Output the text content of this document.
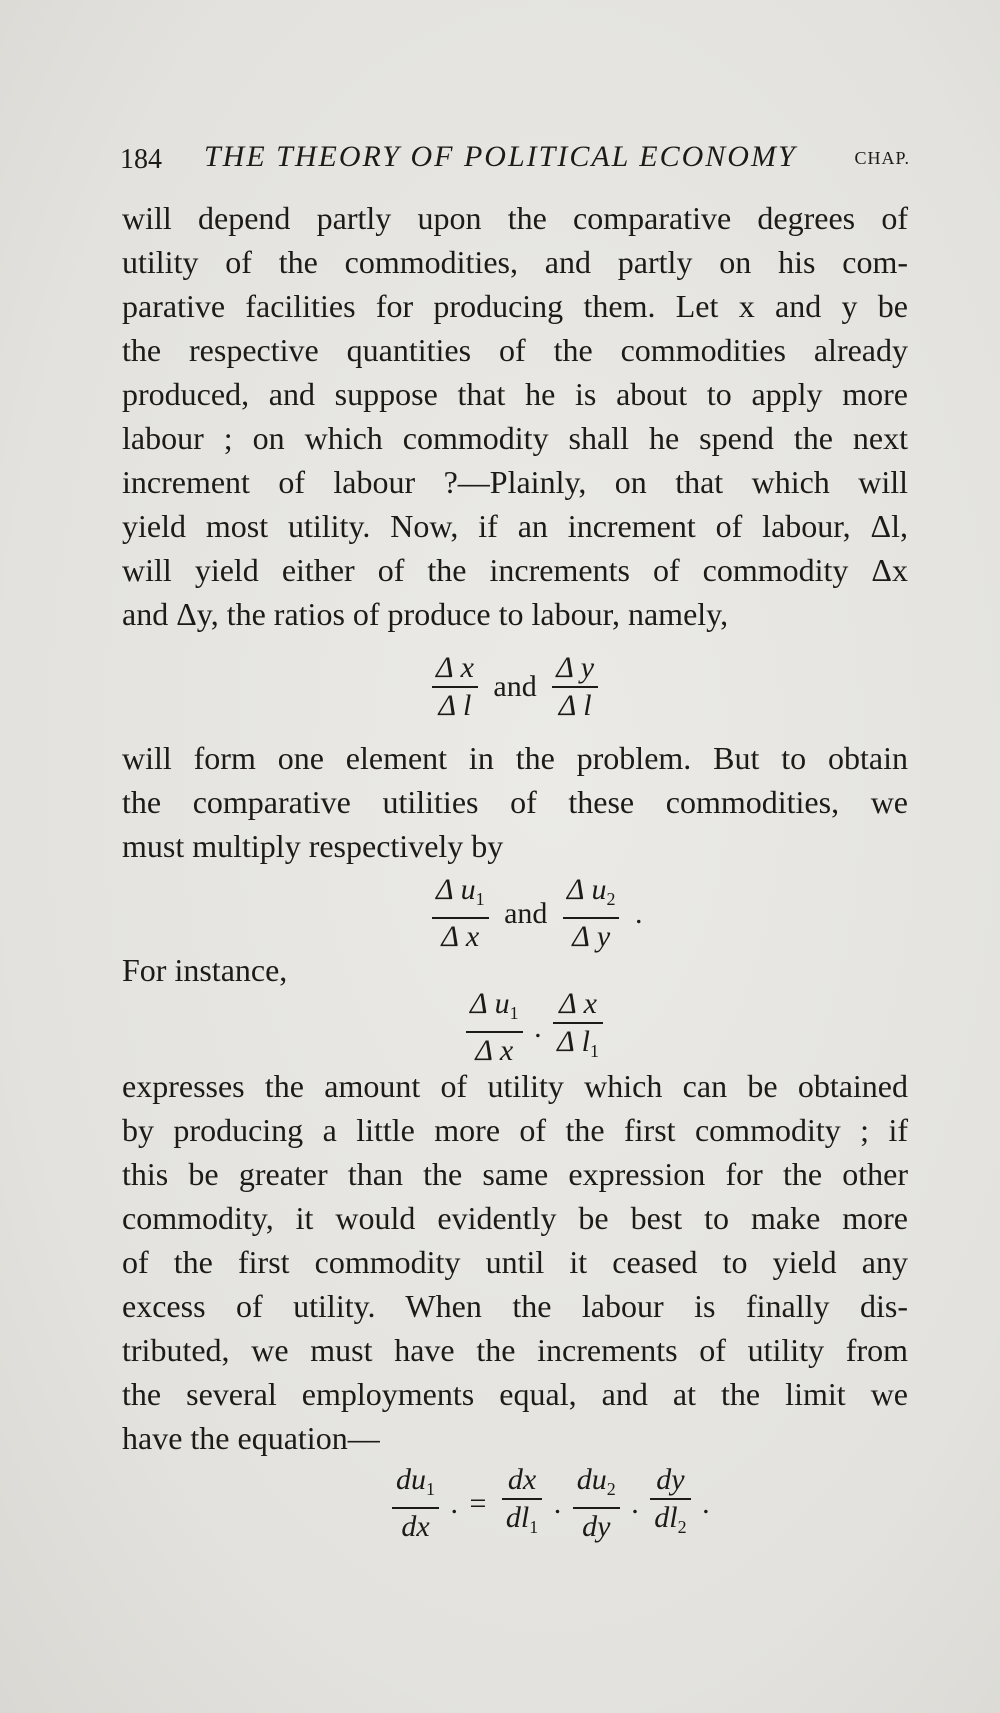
184 THE THEORY OF POLITICAL ECONOMY	CHAP.
will depend partly upon the comparative degrees of
utility of the commodities, and partly on his com-
parative facilities for producing them. Let x and y be
the respective quantities of the commodities already
produced, and suppose that he is about to apply more
labour ; on which commodity shall he spend the next
increment of labour ?—Plainly, on that which will
yield most utility. Now, if an increment of labour, Δl,
will yield either of the increments of commodity Δx
and Δy, the ratios of produce to labour, namely,
$\frac{\text{Δ x}}{\text{Δ l}}$ and $\frac{\text{Δ y}}{\text{Δ l}}$
will form one element in the problem. But to obtain
the comparative utilities of these commodities, we
must multiply respectively by
$\frac{\Delta u_1}{\text{Δ x}}$ and $\frac{\Delta u_2}{\text{Δ y}}$ .
For instance,
$\frac{\Delta u_1}{\text{Δ x}}$ . $\frac{\text{Δ x}}{\Delta l_1}$
expresses the amount of utility which can be obtained
by producing a little more of the first commodity ; if
this be greater than the same expression for the other
commodity, it would evidently be best to make more
of the first commodity until it ceased to yield any
excess of utility. When the labour is finally dis-
tributed, we must have the increments of utility from
the several employments equal, and at the limit we
have the equation—
$\frac{du_1}{dx}$ . = $\frac{dx}{dl_1}$ . $\frac{du_2}{dy}$ . $\frac{dy}{dl_2}$ .
